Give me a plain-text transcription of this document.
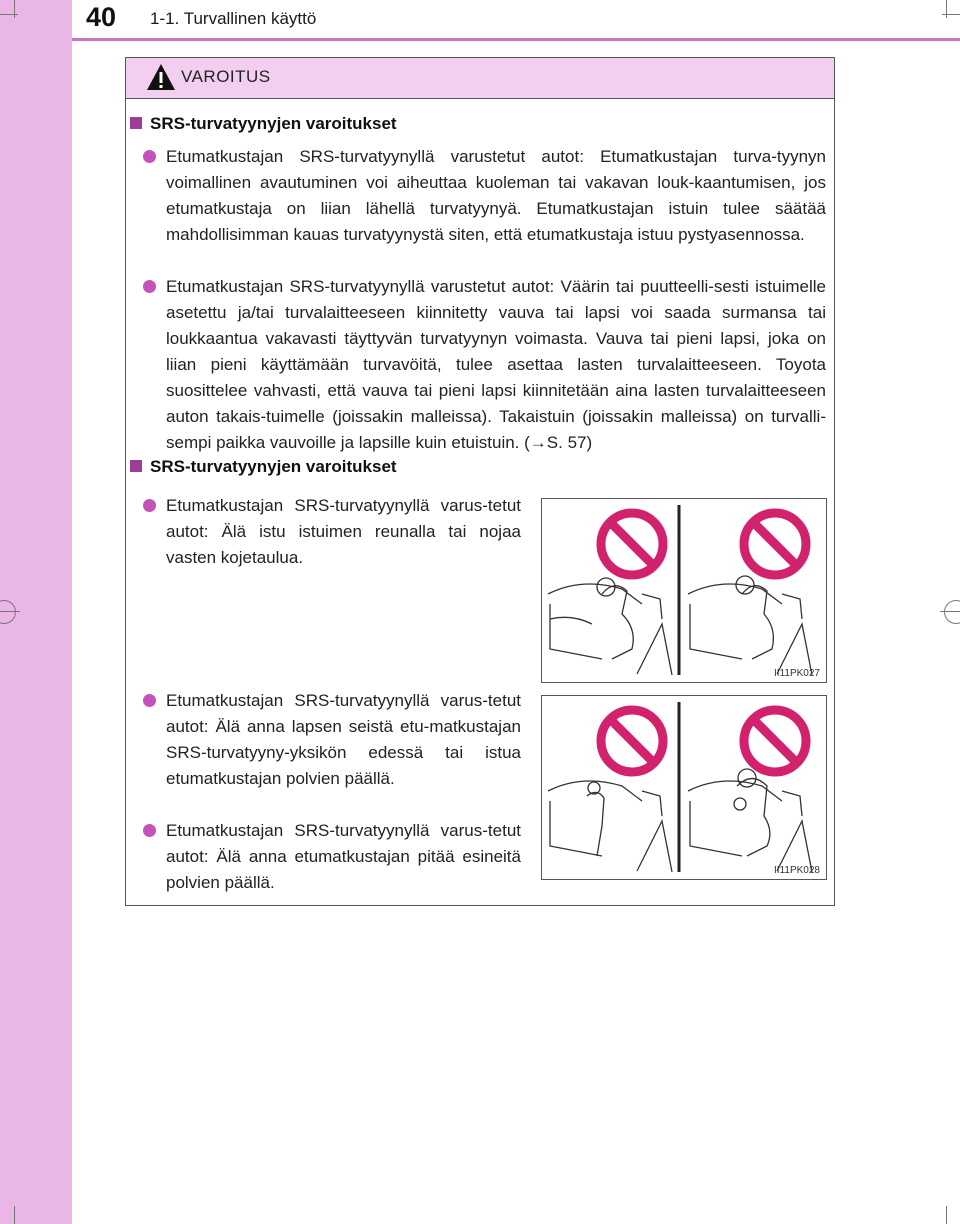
40 1-1. Turvallinen käyttö
VAROITUS
SRS-turvatyynyjen varoitukset
Etumatkustajan SRS-turvatyynyllä varustetut autot: Etumatkustajan turva-tyynyn voimallinen avautuminen voi aiheuttaa kuoleman tai vakavan louk-kaantumisen, jos etumatkustaja on liian lähellä turvatyynyä. Etumatkustajan istuin tulee säätää mahdollisimman kauas turvatyynystä siten, että etumatkustaja istuu pystyasennossa.
Etumatkustajan SRS-turvatyynyllä varustetut autot: Väärin tai puutteelli-sesti istuimelle asetettu ja/tai turvalaitteeseen kiinnitetty vauva tai lapsi voi saada surmansa tai loukkaantua vakavasti täyttyvän turvatyynyn voimasta. Vauva tai pieni lapsi, joka on liian pieni käyttämään turvavöitä, tulee asettaa lasten turvalaitteeseen. Toyota suosittelee vahvasti, että vauva tai pieni lapsi kiinnitetään aina lasten turvalaitteeseen auton takais-tuimelle (joissakin malleissa). Takaistuin (joissakin malleissa) on turvalli-sempi paikka vauvoille ja lapsille kuin etuistuin. (→S. 57)
SRS-turvatyynyjen varoitukset
Etumatkustajan SRS-turvatyynyllä varus-tetut autot: Älä istu istuimen reunalla tai nojaa vasten kojetaulua.
Etumatkustajan SRS-turvatyynyllä varus-tetut autot: Älä anna lapsen seistä etu-matkustajan SRS-turvatyyny-yksikön edessä tai istua etumatkustajan polvien päällä.
Etumatkustajan SRS-turvatyynyllä varus-tetut autot: Älä anna etumatkustajan pitää esineitä polvien päällä.
II11PK027
II11PK028
